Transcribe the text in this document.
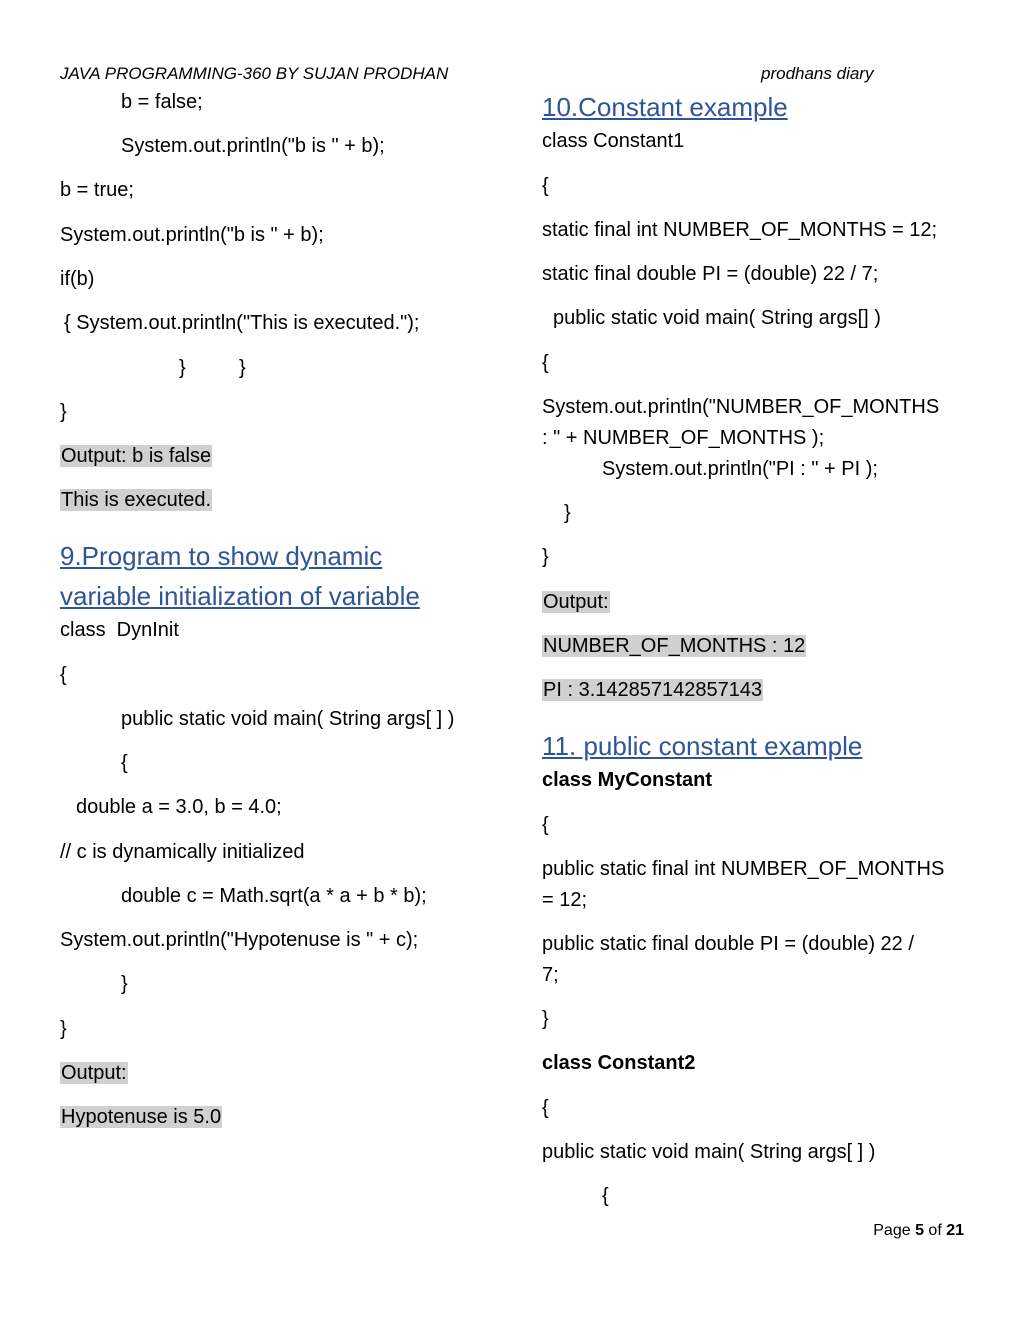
JAVA PROGRAMMING-360 BY SUJAN PRODHAN	prodhans diary
b = false;
System.out.println("b is " + b);
b = true;
System.out.println("b is " + b);
if(b)
{ System.out.println("This is executed.");
}	}
}
Output: b is false
This is executed.
9.Program to show dynamic
variable initialization of variable
class  DynInit
{
public static void main( String args[ ] )
{
double a = 3.0, b = 4.0;
// c is dynamically initialized
double c = Math.sqrt(a * a + b * b);
System.out.println("Hypotenuse is " + c);
}
}
Output:
Hypotenuse is 5.0
10.Constant example
class Constant1
{
static final int NUMBER_OF_MONTHS = 12;
static final double PI = (double) 22 / 7;
public static void main( String args[] )
{
System.out.println("NUMBER_OF_MONTHS
: " + NUMBER_OF_MONTHS );
System.out.println("PI : " + PI );
}
}
Output:
NUMBER_OF_MONTHS : 12
PI : 3.142857142857143
11. public constant example
class MyConstant
{
public static final int NUMBER_OF_MONTHS
= 12;
public static final double PI = (double) 22 /
7;
}
class Constant2
{
public static void main( String args[ ] )
{
Page 5 of 21
